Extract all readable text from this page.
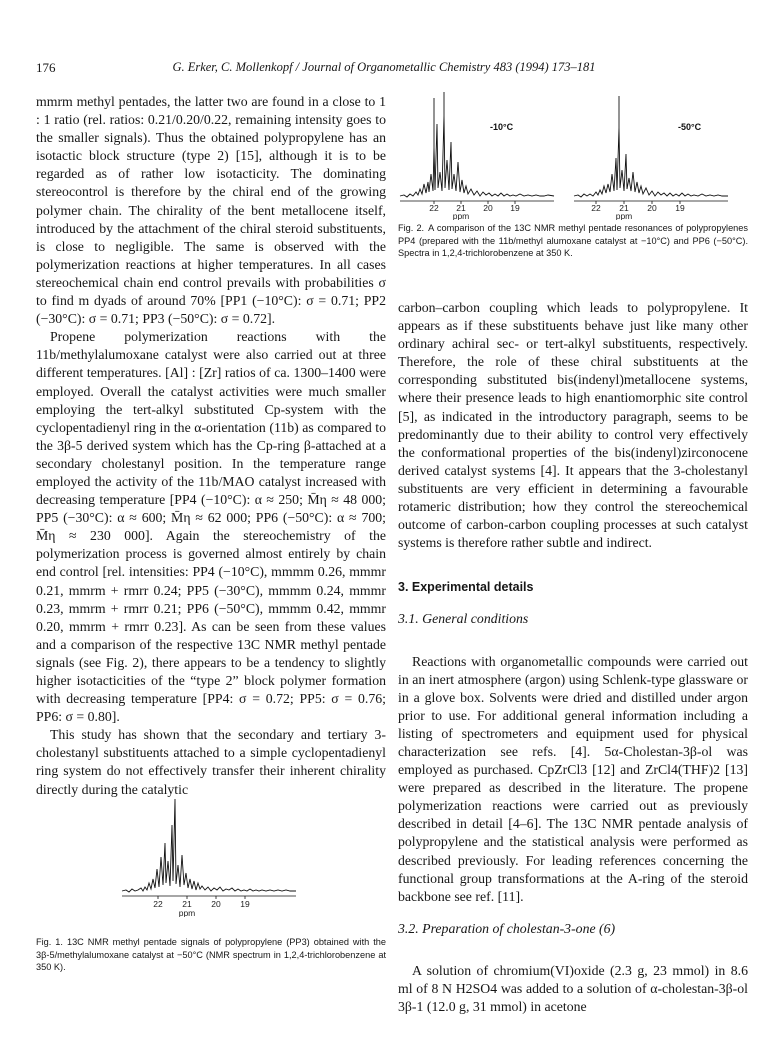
176	G. Erker, C. Mollenkopf / Journal of Organometallic Chemistry 483 (1994) 173–181

mmrm methyl pentades, the latter two are found in a close to 1 : 1 ratio (rel. ratios: 0.21/0.20/0.22, remaining intensity goes to the smaller signals). Thus the obtained polypropylene has an isotactic block structure (type 2) [15], although it is to be regarded as of rather low isotacticity. The dominating stereocontrol is therefore by the chiral end of the growing polymer chain. The chirality of the bent metallocene itself, introduced by the attachment of the chiral steroid substituents, is close to negligible. The same is observed with the polymerization reactions at higher temperatures. In all cases stereochemical chain end control prevails with probabilities σ to find m dyads of around 70% [PP1 (−10°C): σ = 0.71; PP2 (−30°C): σ = 0.71; PP3 (−50°C): σ = 0.72].

Propene polymerization reactions with the 11b/methylalumoxane catalyst were also carried out at three different temperatures. [Al] : [Zr] ratios of ca. 1300–1400 were employed. Overall the catalyst activities were much smaller employing the tert-alkyl substituted Cp-system with the cyclopentadienyl ring in the α-orientation (11b) as compared to the 3β-5 derived system which has the Cp-ring β-attached at a secondary cholestanyl position. In the temperature range employed the activity of the 11b/MAO catalyst increased with decreasing temperature [PP4 (−10°C): α ≈ 250; M̄η ≈ 48 000; PP5 (−30°C): α ≈ 600; M̄η ≈ 62 000; PP6 (−50°C): α ≈ 700; M̄η ≈ 230 000]. Again the stereochemistry of the polymerization process is governed almost entirely by chain end control [rel. intensities: PP4 (−10°C), mmmm 0.26, mmmr 0.21, mmrm + rmrr 0.24; PP5 (−30°C), mmmm 0.24, mmmr 0.23, mmrm + rmrr 0.21; PP6 (−50°C), mmmm 0.42, mmmr 0.20, mmrm + rmrr 0.23]. As can be seen from these values and a comparison of the respective 13C NMR methyl pentade signals (see Fig. 2), there appears to be a tendency to slightly higher isotacticities of the “type 2” block polymer formation with decreasing temperature [PP4: σ = 0.72; PP5: σ = 0.76; PP6: σ = 0.80].

This study has shown that the secondary and tertiary 3-cholestanyl substituents attached to a simple cyclopentadienyl ring system do not effectively transfer their inherent chirality directly during the catalytic

22 21 20 19
ppm
Fig. 1. 13C NMR methyl pentade signals of polypropylene (PP3) obtained with the 3β-5/methylalumoxane catalyst at −50°C (NMR spectrum in 1,2,4-trichlorobenzene at 350 K).
-10°C
22 21 20 19
ppm
-50°C
22 21 20 19
ppm
Fig. 2. A comparison of the 13C NMR methyl pentade resonances of polypropylenes PP4 (prepared with the 11b/methyl alumoxane catalyst at −10°C) and PP6 (−50°C). Spectra in 1,2,4-trichlorobenzene at 350 K.

carbon–carbon coupling which leads to polypropylene. It appears as if these substituents behave just like many other ordinary achiral sec- or tert-alkyl substituents, respectively. Therefore, the role of these chiral substituents at the corresponding substituted bis(indenyl)metallocene systems, where their presence leads to high enantiomorphic site control [5], as indicated in the introductory paragraph, seems to be predominantly due to their ability to control very effectively the conformational properties of the bis(indenyl)zirconocene derived catalyst systems [4]. It appears that the 3-cholestanyl substituents are very efficient in determining a favourable rotameric distribution; how they control the stereochemical outcome of carbon-carbon coupling processes at such catalyst systems is therefore rather subtle and indirect.

3. Experimental details

3.1. General conditions

Reactions with organometallic compounds were carried out in an inert atmosphere (argon) using Schlenk-type glassware or in a glove box. Solvents were dried and distilled under argon prior to use. For additional general information including a listing of spectrometers and equipment used for physical characterization see refs. [4]. 5α-Cholestan-3β-ol was employed as purchased. CpZrCl3 [12] and ZrCl4(THF)2 [13] were prepared as described in the literature. The propene polymerization reactions were carried out as previously described in detail [4–6]. The 13C NMR pentade analysis of polypropylene and the statistical analysis were performed as described previously. For leading references concerning the functional group transformations at the A-ring of the steroid backbone see ref. [11].

3.2. Preparation of cholestan-3-one (6)

A solution of chromium(VI)oxide (2.3 g, 23 mmol) in 8.6 ml of 8 N H2SO4 was added to a solution of α-cholestan-3β-ol 3β-1 (12.0 g, 31 mmol) in acetone
